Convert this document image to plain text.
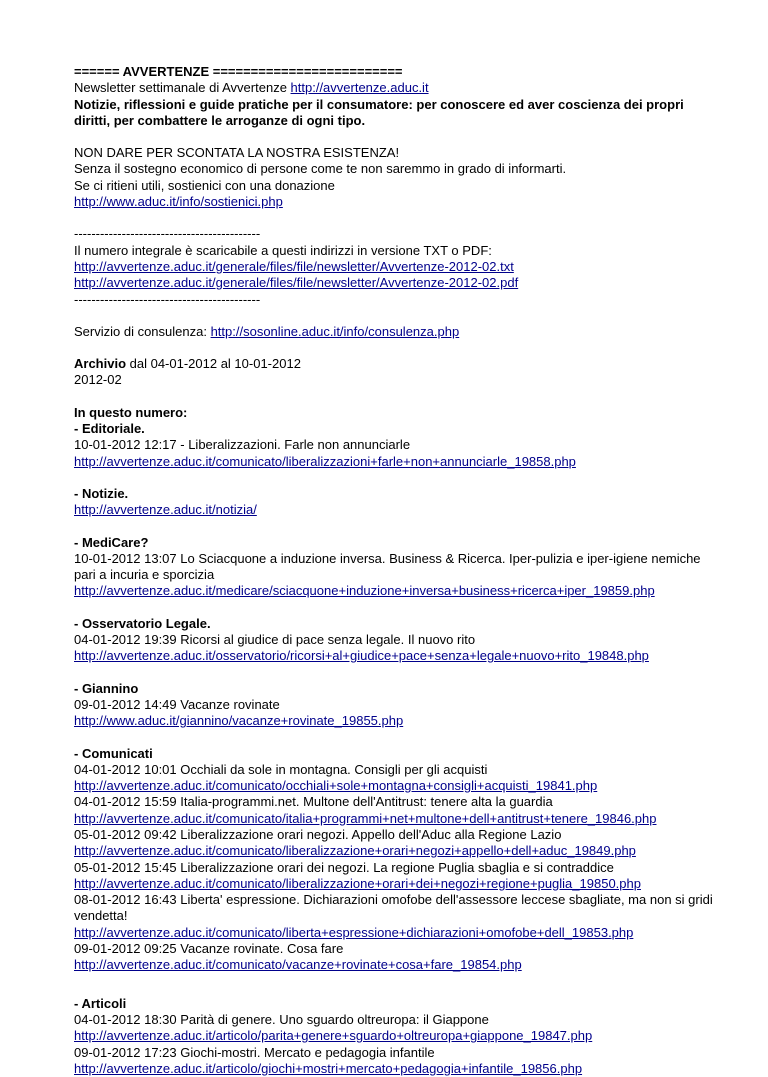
====== AVVERTENZE =========================
Newsletter settimanale di Avvertenze http://avvertenze.aduc.it
Notizie, riflessioni e guide pratiche per il consumatore: per conoscere ed aver coscienza dei propri diritti, per combattere le arroganze di ogni tipo.
NON DARE PER SCONTATA LA NOSTRA ESISTENZA!
Senza il sostegno economico di persone come te non saremmo in grado di informarti.
Se ci ritieni utili, sostienici con una donazione
http://www.aduc.it/info/sostienici.php
-------------------------------------------
Il numero integrale è scaricabile a questi indirizzi in versione TXT o PDF:
http://avvertenze.aduc.it/generale/files/file/newsletter/Avvertenze-2012-02.txt
http://avvertenze.aduc.it/generale/files/file/newsletter/Avvertenze-2012-02.pdf
-------------------------------------------
Servizio di consulenza: http://sosonline.aduc.it/info/consulenza.php
Archivio dal 04-01-2012 al 10-01-2012
2012-02
In questo numero:
- Editoriale.
10-01-2012 12:17 - Liberalizzazioni. Farle non annunciarle
http://avvertenze.aduc.it/comunicato/liberalizzazioni+farle+non+annunciarle_19858.php
- Notizie.
http://avvertenze.aduc.it/notizia/
- MediCare?
10-01-2012 13:07 Lo Sciacquone a induzione inversa. Business & Ricerca. Iper-pulizia e iper-igiene nemiche pari a incuria e sporcizia
http://avvertenze.aduc.it/medicare/sciacquone+induzione+inversa+business+ricerca+iper_19859.php
- Osservatorio Legale.
04-01-2012 19:39 Ricorsi al giudice di pace senza legale. Il nuovo rito
http://avvertenze.aduc.it/osservatorio/ricorsi+al+giudice+pace+senza+legale+nuovo+rito_19848.php
- Giannino
09-01-2012 14:49 Vacanze rovinate
http://www.aduc.it/giannino/vacanze+rovinate_19855.php
- Comunicati
04-01-2012 10:01 Occhiali da sole in montagna. Consigli per gli acquisti
http://avvertenze.aduc.it/comunicato/occhiali+sole+montagna+consigli+acquisti_19841.php
04-01-2012 15:59 Italia-programmi.net. Multone dell'Antitrust: tenere alta la guardia
http://avvertenze.aduc.it/comunicato/italia+programmi+net+multone+dell+antitrust+tenere_19846.php
05-01-2012 09:42 Liberalizzazione orari negozi. Appello dell'Aduc alla Regione Lazio
http://avvertenze.aduc.it/comunicato/liberalizzazione+orari+negozi+appello+dell+aduc_19849.php
05-01-2012 15:45 Liberalizzazione orari dei negozi. La regione Puglia sbaglia e si contraddice
http://avvertenze.aduc.it/comunicato/liberalizzazione+orari+dei+negozi+regione+puglia_19850.php
08-01-2012 16:43 Liberta' espressione. Dichiarazioni omofobe dell'assessore leccese sbagliate, ma non si gridi vendetta!
http://avvertenze.aduc.it/comunicato/liberta+espressione+dichiarazioni+omofobe+dell_19853.php
09-01-2012 09:25 Vacanze rovinate. Cosa fare
http://avvertenze.aduc.it/comunicato/vacanze+rovinate+cosa+fare_19854.php
- Articoli
04-01-2012 18:30 Parità di genere. Uno sguardo oltreuropa: il Giappone
http://avvertenze.aduc.it/articolo/parita+genere+sguardo+oltreuropa+giappone_19847.php
09-01-2012 17:23 Giochi-mostri. Mercato e pedagogia infantile
http://avvertenze.aduc.it/articolo/giochi+mostri+mercato+pedagogia+infantile_19856.php
